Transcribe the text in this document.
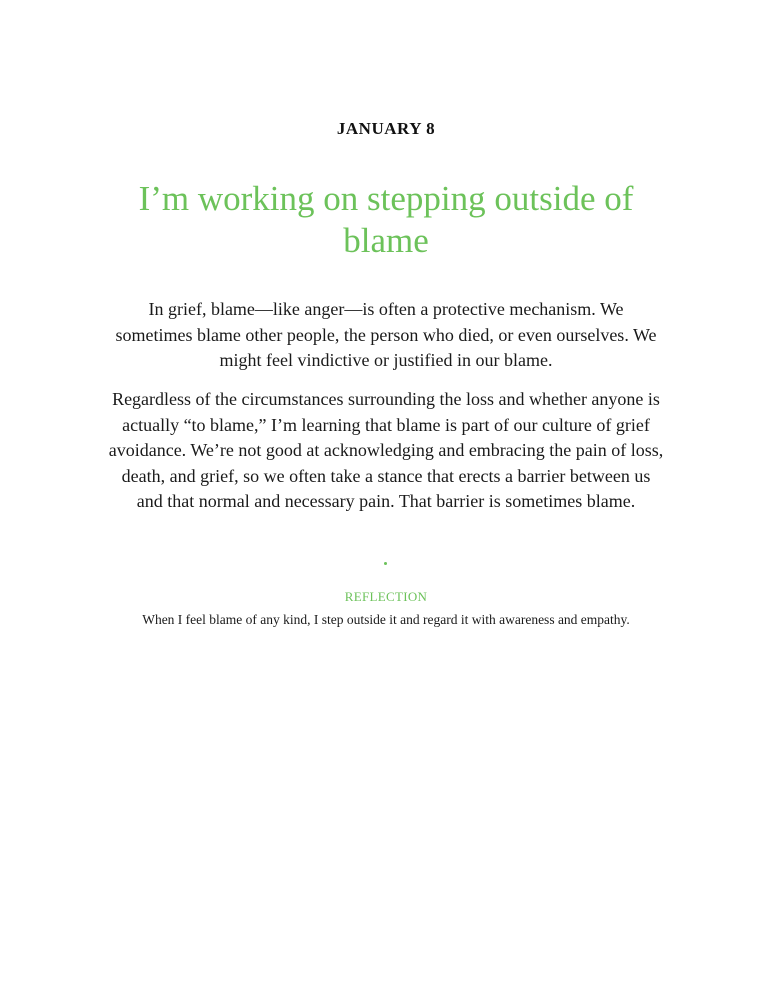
JANUARY 8
I’m working on stepping outside of blame

In grief, blame—like anger—is often a protective mechanism. We sometimes blame other people, the person who died, or even ourselves. We might feel vindictive or justified in our blame.

Regardless of the circumstances surrounding the loss and whether anyone is actually “to blame,” I’m learning that blame is part of our culture of grief avoidance. We’re not good at acknowledging and embracing the pain of loss, death, and grief, so we often take a stance that erects a barrier between us and that normal and necessary pain. That barrier is sometimes blame.

REFLECTION
When I feel blame of any kind, I step outside it and regard it with awareness and empathy.
